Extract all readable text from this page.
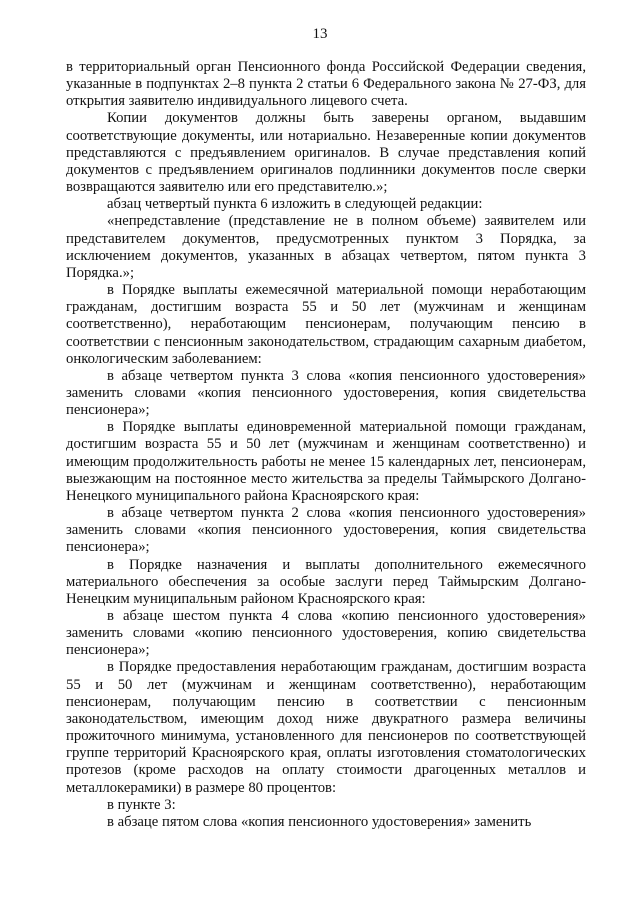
13

в территориальный орган Пенсионного фонда Российской Федерации сведения, указанные в подпунктах 2–8 пункта 2 статьи 6 Федерального закона № 27-ФЗ, для открытия заявителю индивидуального лицевого счета.

Копии документов должны быть заверены органом, выдавшим соответствующие документы, или нотариально. Незаверенные копии документов представляются с предъявлением оригиналов. В случае представления копий документов с предъявлением оригиналов подлинники документов после сверки возвращаются заявителю или его представителю.»;

абзац четвертый пункта 6 изложить в следующей редакции:

«непредставление (представление не в полном объеме) заявителем или представителем документов, предусмотренных пунктом 3 Порядка, за исключением документов, указанных в абзацах четвертом, пятом пункта 3 Порядка.»;

в Порядке выплаты ежемесячной материальной помощи неработающим гражданам, достигшим возраста 55 и 50 лет (мужчинам и женщинам соответственно), неработающим пенсионерам, получающим пенсию в соответствии с пенсионным законодательством, страдающим сахарным диабетом, онкологическим заболеванием:

в абзаце четвертом пункта 3 слова «копия пенсионного удостоверения» заменить словами «копия пенсионного удостоверения, копия свидетельства пенсионера»;

в Порядке выплаты единовременной материальной помощи гражданам, достигшим возраста 55 и 50 лет (мужчинам и женщинам соответственно) и имеющим продолжительность работы не менее 15 календарных лет, пенсионерам, выезжающим на постоянное место жительства за пределы Таймырского Долгано-Ненецкого муниципального района Красноярского края:

в абзаце четвертом пункта 2 слова «копия пенсионного удостоверения» заменить словами «копия пенсионного удостоверения, копия свидетельства пенсионера»;

в Порядке назначения и выплаты дополнительного ежемесячного материального обеспечения за особые заслуги перед Таймырским Долгано-Ненецким муниципальным районом Красноярского края:

в абзаце шестом пункта 4 слова «копию пенсионного удостоверения» заменить словами «копию пенсионного удостоверения, копию свидетельства пенсионера»;

в Порядке предоставления неработающим гражданам, достигшим возраста 55 и 50 лет (мужчинам и женщинам соответственно), неработающим пенсионерам, получающим пенсию в соответствии с пенсионным законодательством, имеющим доход ниже двукратного размера величины прожиточного минимума, установленного для пенсионеров по соответствующей группе территорий Красноярского края, оплаты изготовления стоматологических протезов (кроме расходов на оплату стоимости драгоценных металлов и металлокерамики) в размере 80 процентов:

в пункте 3:

в абзаце пятом слова «копия пенсионного удостоверения» заменить
